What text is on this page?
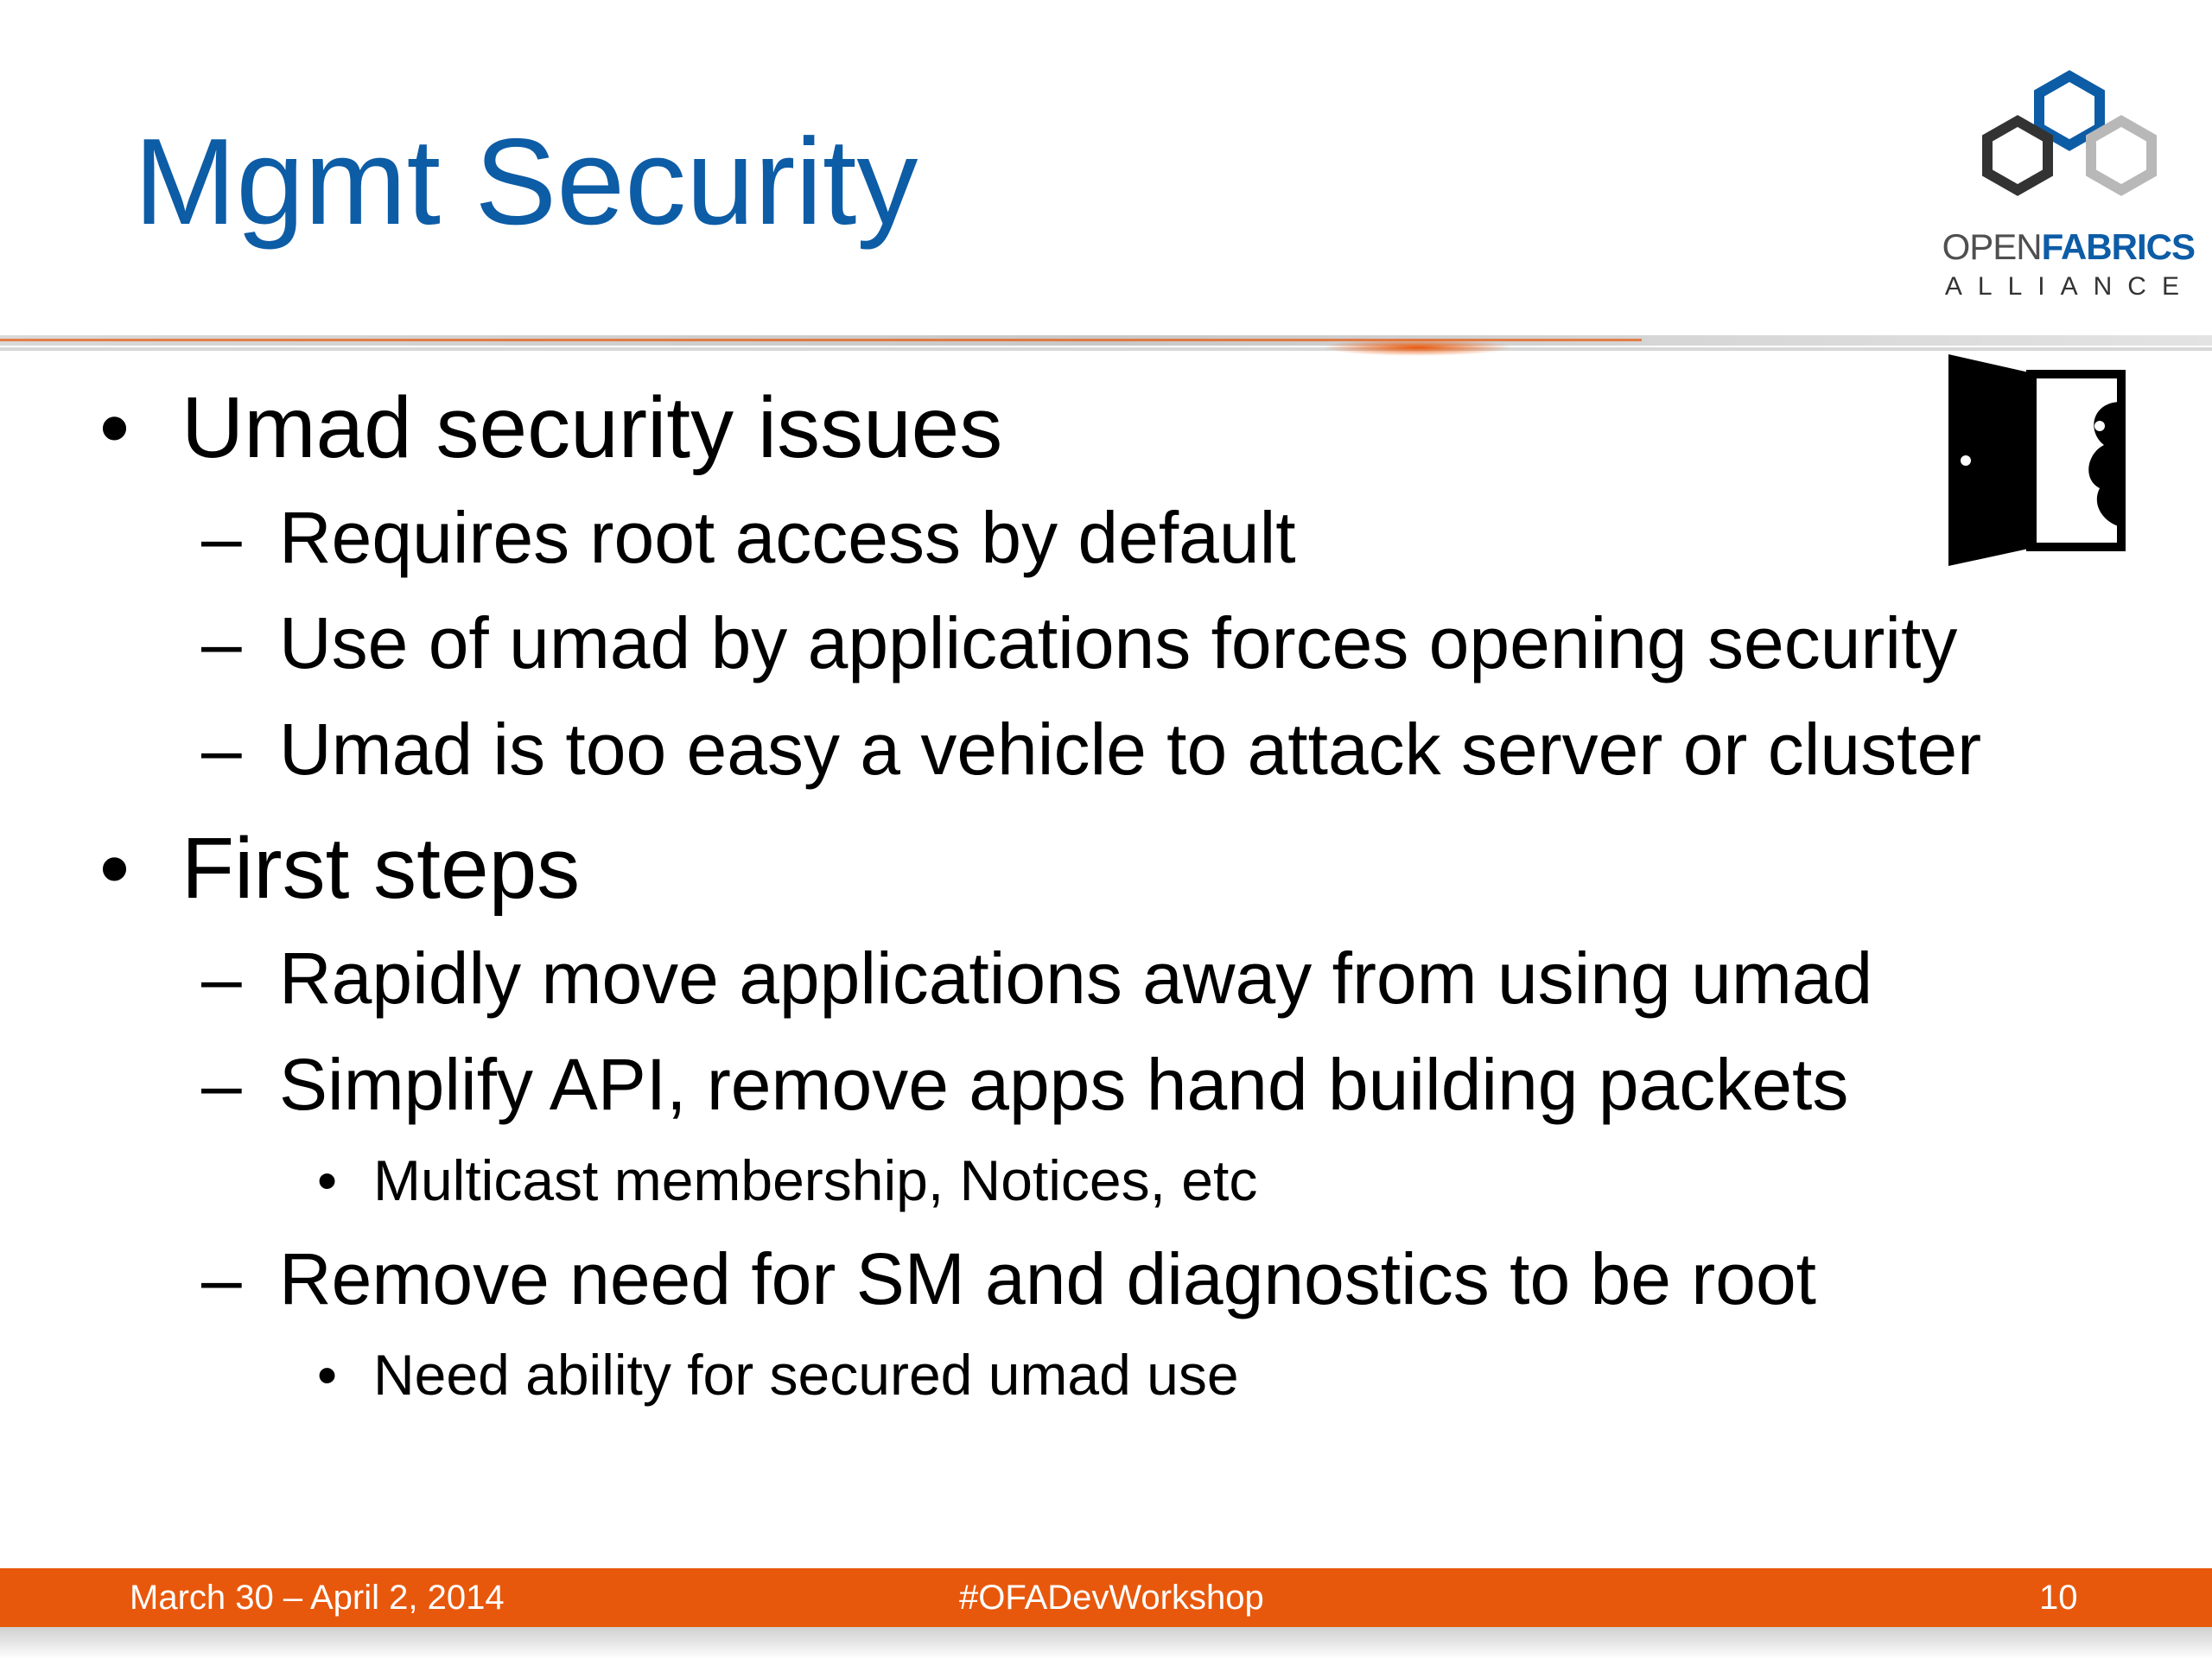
Mgmt Security	OPENFABRICS
ALLIANCE
• Umad security issues
– Requires root access by default
– Use of umad by applications forces opening security
– Umad is too easy a vehicle to attack server or cluster
• First steps
– Rapidly move applications away from using umad
– Simplify API, remove apps hand building packets
• Multicast membership, Notices, etc
– Remove need for SM and diagnostics to be root
• Need ability for secured umad use
March 30 – April 2, 2014	#OFADevWorkshop	10
